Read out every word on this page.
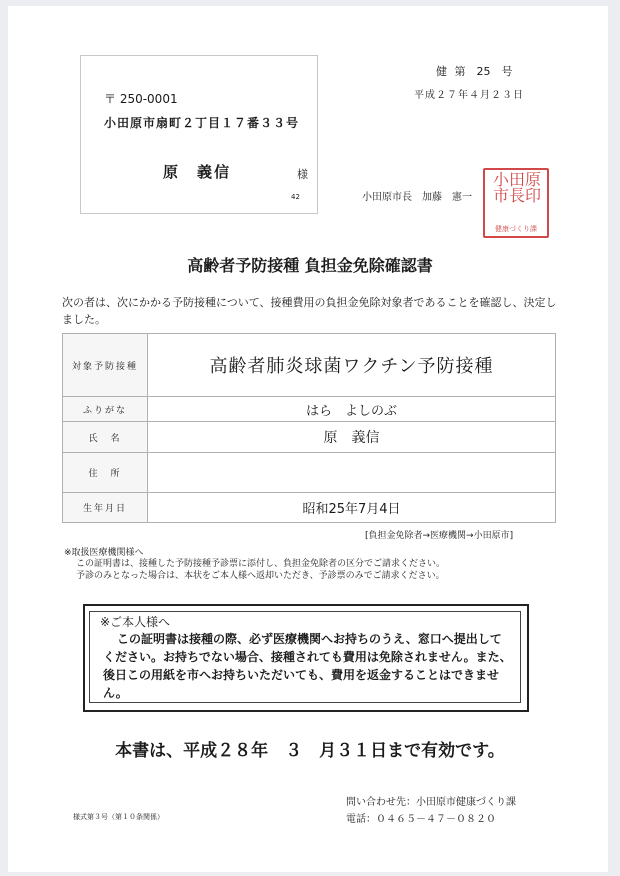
〒 250-0001
小田原市扇町２丁目１７番３３号
原　義信	様
42
健 第　25　号
平成２７年４月２３日
小田原市長　加藤　憲一
小田原市長印
健康づくり課
高齢者予防接種 負担金免除確認書
次の者は、次にかかる予防接種について、接種費用の負担金免除対象者であることを確認し、決定しました。
対象予防接種	高齢者肺炎球菌ワクチン予防接種
ふりがな	はら　よしのぶ
氏　名	原　義信
住　所	
生年月日	昭和25年7月4日
[負担金免除者→医療機関→小田原市]
※取扱医療機関様へ
この証明書は、接種した予防接種予診票に添付し、負担金免除者の区分でご請求ください。
予診のみとなった場合は、本状をご本人様へ返却いただき、予診票のみでご請求ください。
※ご本人様へ
この証明書は接種の際、必ず医療機関へお持ちのうえ、窓口へ提出してください。お持ちでない場合、接種されても費用は免除されません。また、後日この用紙を市へお持ちいただいても、費用を返金することはできません。
本書は、平成２８年　３　月３１日まで有効です。
問い合わせ先：小田原市健康づくり課
電話：０４６５－４７－０８２０
様式第３号（第１０条関係）
